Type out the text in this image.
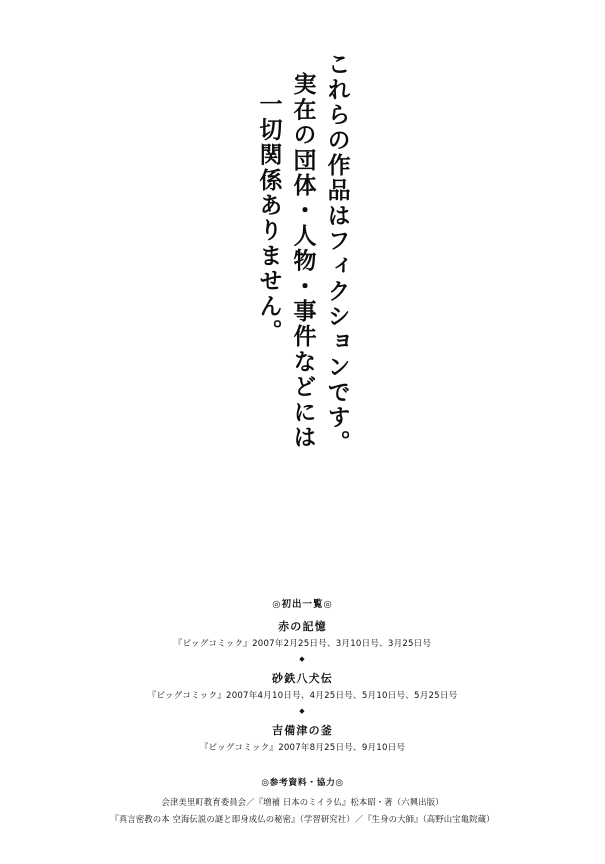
これらの作品はフィクションです。
実在の団体・人物・事件などには
一切関係ありません。
◎初出一覧◎
赤の記憶
『ビッグコミック』2007年2月25日号、3月10日号、3月25日号
◆
砂鉄八犬伝
『ビッグコミック』2007年4月10日号、4月25日号、5月10日号、5月25日号
◆
吉備津の釜
『ビッグコミック』2007年8月25日号、9月10日号
◎参考資料・協力◎
会津美里町教育委員会／『増補 日本のミイラ仏』松本昭・著（六興出版）
『真言密教の本 空海伝説の謎と即身成仏の秘密』（学習研究社）／『生身の大師』（高野山宝亀院蔵）
